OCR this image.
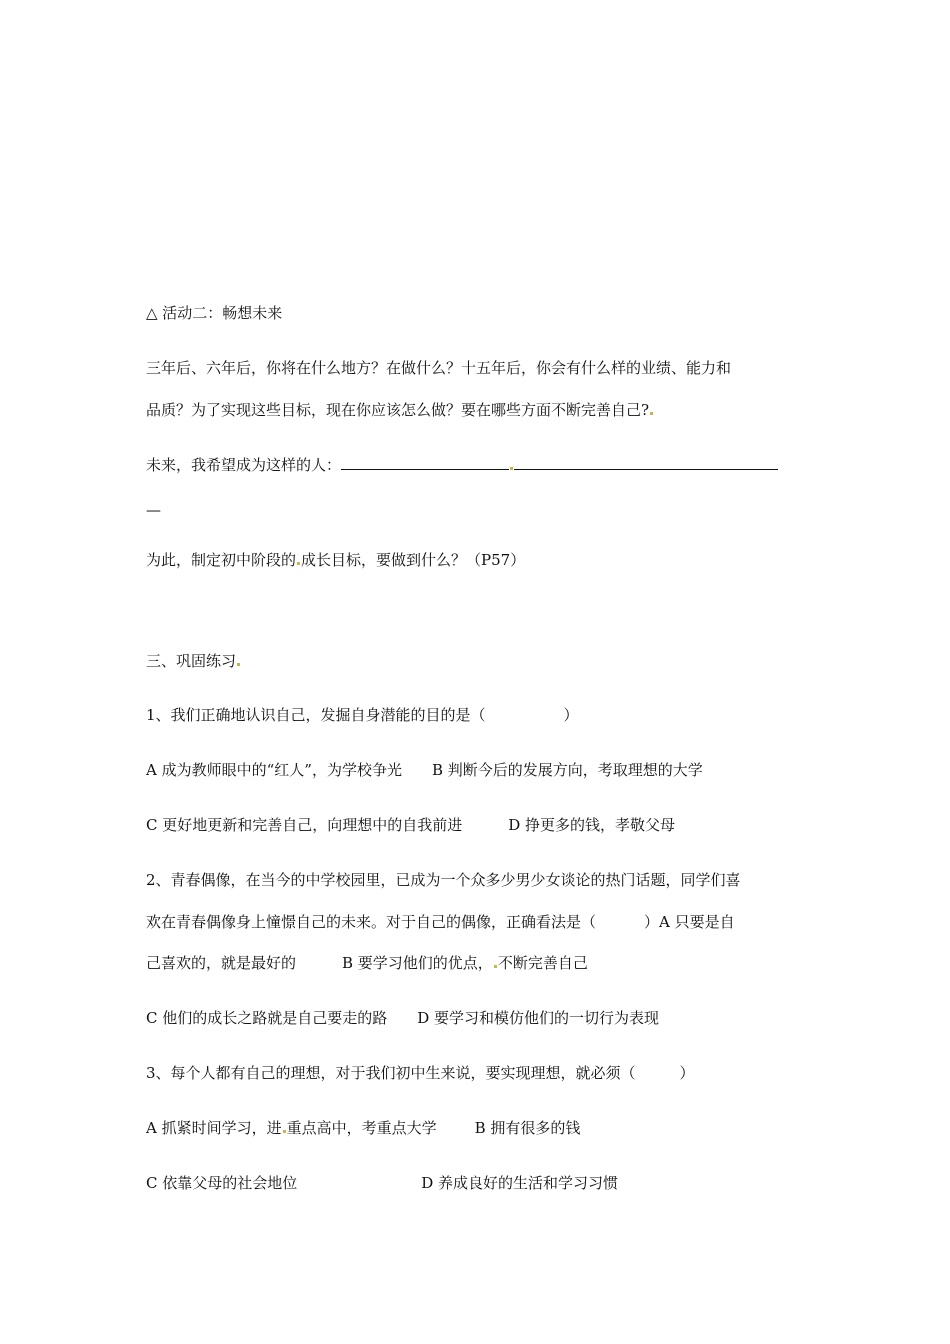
△ 活动二：畅想未来
三年后、六年后，你将在什么地方？在做什么？十五年后，你会有什么样的业绩、能力和
品质？为了实现这些目标，现在你应该怎么做？要在哪些方面不断完善自己?
未来，我希望成为这样的人：
—
为此，制定初中阶段的 成长目标，要做到什么？（P57）
三、巩固练习
1、我们正确地认识自己，发掘自身潜能的目的是（	）
A 成为教师眼中的“红人”，为学校争光 B 判断今后的发展方向，考取理想的大学
C 更好地更新和完善自己，向理想中的自我前进	D 挣更多的钱，孝敬父母
2、青春偶像，在当今的中学校园里，已成为一个众多少男少女谈论的热门话题，同学们喜
欢在青春偶像身上憧憬自己的未来。对于自己的偶像，正确看法是（	）A 只要是自
己喜欢的，就是最好的	B 要学习他们的优点， 不断完善自己
C 他们的成长之路就是自己要走的路 D 要学习和模仿他们的一切行为表现
3、每个人都有自己的理想，对于我们初中生来说，要实现理想，就必须（	）
A 抓紧时间学习，进 重点高中，考重点大学	B 拥有很多的钱
C 依靠父母的社会地位	D 养成良好的生活和学习习惯
